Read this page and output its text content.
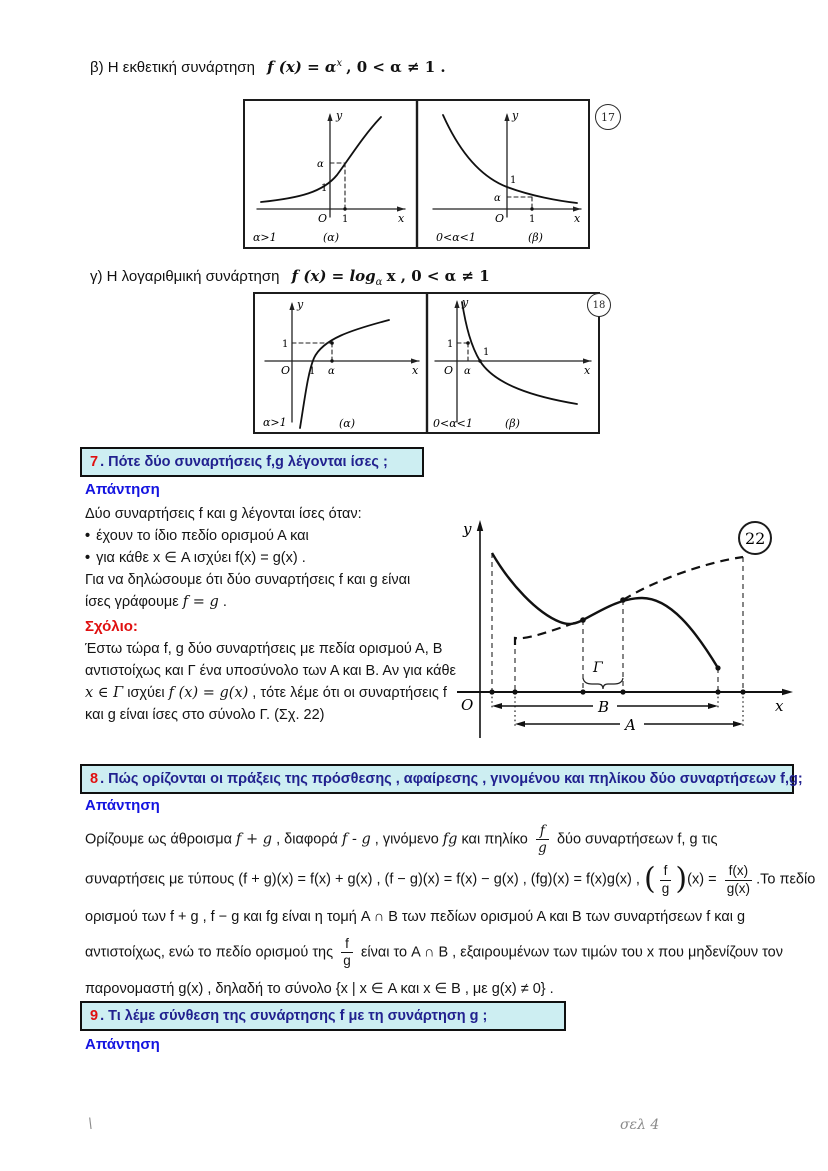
β) Η εκθετική συνάρτηση f $(x) = \alpha^x$ , 0 < α ≠ 1 .
y
x
O 1
1
α
α>1	(α)
y
x
O 1
1
α
0<α<1	(β)
17
γ) Η λογαριθμική συνάρτηση f $(x) = \log_\alpha x$ , 0 < α ≠ 1
y
x
O 1
1
α
α>1	(α)
y
x
O
1
1
α
0<α<1	(β)
18
7 . Πότε δύο συναρτήσεις f,g λέγονται ίσες ;
Απάντηση
Δύο συναρτήσεις f και g λέγονται ίσες όταν:
• έχουν το ίδιο πεδίο ορισμού Α και
• για κάθε x ∈ Α ισχύει f(x) = g(x) .
Για να δηλώσουμε ότι δύο συναρτήσεις f και g είναι
ίσες γράφουμε f = g .
Σχόλιο:
Έστω τώρα f, g δύο συναρτήσεις με πεδία ορισμού Α, Β αντιστοίχως και Γ ένα υποσύνολο των Α και Β. Αν για κάθε x ∈ Γ ισχύει f (x) = g(x) , τότε λέμε ότι οι συναρτήσεις f και g είναι ίσες στο σύνολο Γ. (Σχ. 22)
y
x
O
Γ
B
A
22
8 . Πώς ορίζονται οι πράξεις της πρόσθεσης , αφαίρεσης , γινομένου και πηλίκου δύο συναρτήσεων f,g;
Απάντηση
Ορίζουμε ως άθροισμα f + g , διαφορά f - g , γινόμενο fg και πηλίκο $\frac{f}{g}$ δύο συναρτήσεων f, g τις
συναρτήσεις με τύπους (f + g)(x) = f(x) + g(x) , (f − g)(x) = f(x) − g(x) , (fg)(x) = f(x)g(x) , ( $\frac{f}{g} )(x) = \frac{f(x)}{g(x)} .To$ πεδίο
ορισμού των f + g , f − g και fg είναι η τομή A ∩ B των πεδίων ορισμού Α και Β των συναρτήσεων f και g
αντιστοίχως, ενώ το πεδίο ορισμού της $\frac{f}{g}$ είναι το A ∩ B , εξαιρουμένων των τιμών του x που μηδενίζουν τον
παρονομαστή g(x) , δηλαδή το σύνολο {x | x ∈ Α και x ∈ Β , με g(x) ≠ 0} .
9 . Τι λέμε σύνθεση της συνάρτησης f με τη συνάρτηση g ;
Απάντηση
\	σελ 4
